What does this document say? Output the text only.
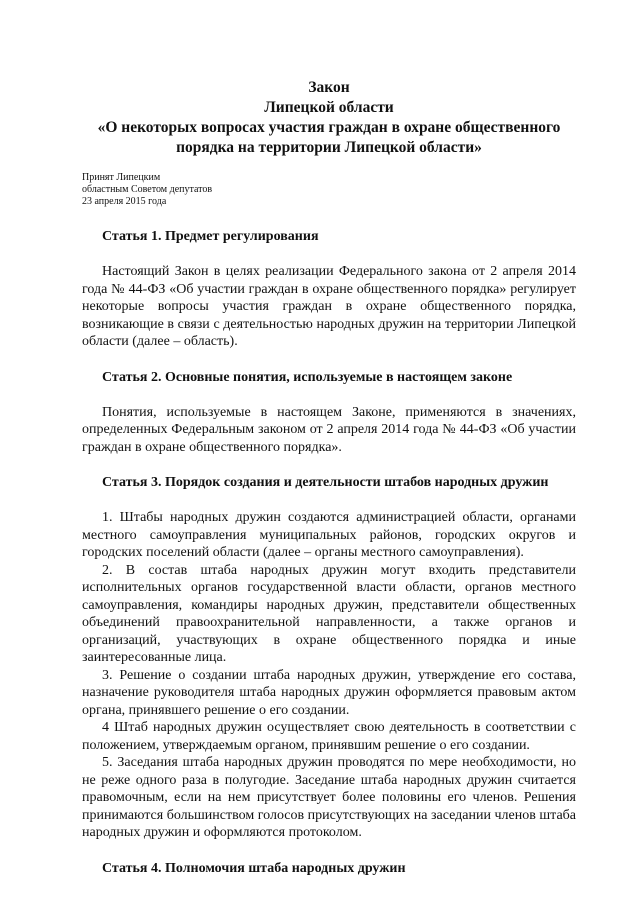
Закон
Липецкой области
«О некоторых вопросах участия граждан в охране общественного
порядка на территории Липецкой области»
Принят Липецким
областным Советом депутатов
23 апреля 2015 года
Статья 1. Предмет регулирования

Настоящий Закон в целях реализации Федерального закона от 2 апреля 2014 года № 44-ФЗ «Об участии граждан в охране общественного порядка» регулирует некоторые вопросы участия граждан в охране общественного порядка, возникающие в связи с деятельностью народных дружин на территории Липецкой области (далее – область).

Статья 2. Основные понятия, используемые в настоящем законе

Понятия, используемые в настоящем Законе, применяются в значениях, определенных Федеральным законом от 2 апреля 2014 года № 44-ФЗ «Об участии граждан в охране общественного порядка».

Статья 3. Порядок создания и деятельности штабов народных дружин

1. Штабы народных дружин создаются администрацией области, органами местного самоуправления муниципальных районов, городских округов и городских поселений области (далее – органы местного самоуправления).

2. В состав штаба народных дружин могут входить представители исполнительных органов государственной власти области, органов местного самоуправления, командиры народных дружин, представители общественных объединений правоохранительной направленности, а также органов и организаций, участвующих в охране общественного порядка и иные заинтересованные лица.

3. Решение о создании штаба народных дружин, утверждение его состава, назначение руководителя штаба народных дружин оформляется правовым актом органа, принявшего решение о его создании.

4 Штаб народных дружин осуществляет свою деятельность в соответствии с положением, утверждаемым органом, принявшим решение о его создании.

5. Заседания штаба народных дружин проводятся по мере необходимости, но не реже одного раза в полугодие. Заседание штаба народных дружин считается правомочным, если на нем присутствует более половины его членов. Решения принимаются большинством голосов присутствующих на заседании членов штаба народных дружин и оформляются протоколом.

Статья 4. Полномочия штаба народных дружин
